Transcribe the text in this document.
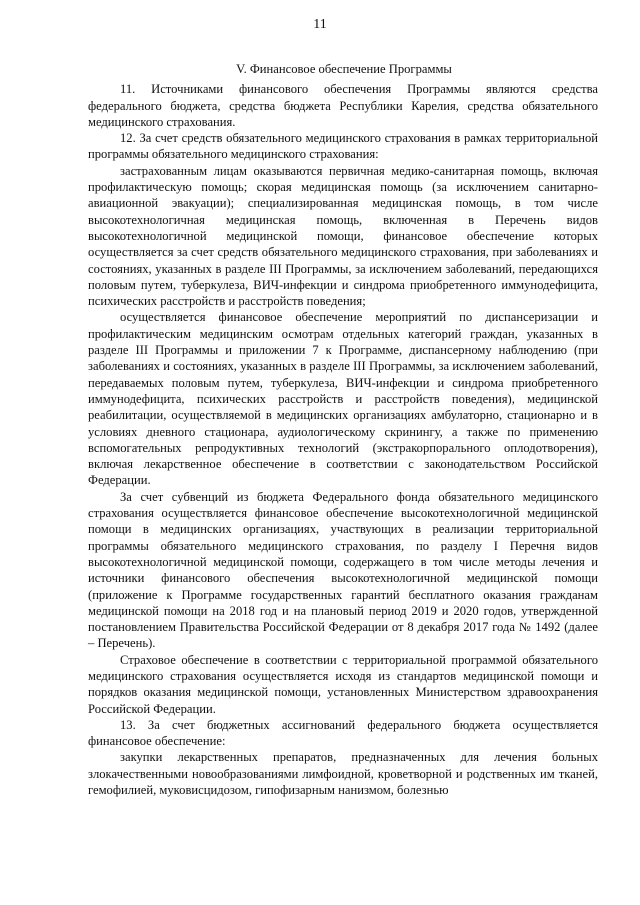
11
V. Финансовое обеспечение Программы

11. Источниками финансового обеспечения Программы являются средства федерального бюджета, средства бюджета Республики Карелия, средства обязательного медицинского страхования.

12. За счет средств обязательного медицинского страхования в рамках территориальной программы обязательного медицинского страхования:

застрахованным лицам оказываются первичная медико-санитарная помощь, включая профилактическую помощь; скорая медицинская помощь (за исключением санитарно-авиационной эвакуации); специализированная медицинская помощь, в том числе высокотехнологичная медицинская помощь, включенная в Перечень видов высокотехнологичной медицинской помощи, финансовое обеспечение которых осуществляется за счет средств обязательного медицинского страхования, при заболеваниях и состояниях, указанных в разделе III Программы, за исключением заболеваний, передающихся половым путем, туберкулеза, ВИЧ-инфекции и синдрома приобретенного иммунодефицита, психических расстройств и расстройств поведения;

осуществляется финансовое обеспечение мероприятий по диспансеризации и профилактическим медицинским осмотрам отдельных категорий граждан, указанных в разделе III Программы и приложении 7 к Программе, диспансерному наблюдению (при заболеваниях и состояниях, указанных в разделе III Программы, за исключением заболеваний, передаваемых половым путем, туберкулеза, ВИЧ-инфекции и синдрома приобретенного иммунодефицита, психических расстройств и расстройств поведения), медицинской реабилитации, осуществляемой в медицинских организациях амбулаторно, стационарно и в условиях дневного стационара, аудиологическому скринингу, а также по применению вспомогательных репродуктивных технологий (экстракорпорального оплодотворения), включая лекарственное обеспечение в соответствии с законодательством Российской Федерации.

За счет субвенций из бюджета Федерального фонда обязательного медицинского страхования осуществляется финансовое обеспечение высокотехнологичной медицинской помощи в медицинских организациях, участвующих в реализации территориальной программы обязательного медицинского страхования, по разделу I Перечня видов высокотехнологичной медицинской помощи, содержащего в том числе методы лечения и источники финансового обеспечения высокотехнологичной медицинской помощи (приложение к Программе государственных гарантий бесплатного оказания гражданам медицинской помощи на 2018 год и на плановый период 2019 и 2020 годов, утвержденной постановлением Правительства Российской Федерации от 8 декабря 2017 года № 1492 (далее – Перечень).

Страховое обеспечение в соответствии с территориальной программой обязательного медицинского страхования осуществляется исходя из стандартов медицинской помощи и порядков оказания медицинской помощи, установленных Министерством здравоохранения Российской Федерации.

13. За счет бюджетных ассигнований федерального бюджета осуществляется финансовое обеспечение:

закупки лекарственных препаратов, предназначенных для лечения больных злокачественными новообразованиями лимфоидной, кроветворной и родственных им тканей, гемофилией, муковисцидозом, гипофизарным нанизмом, болезнью
